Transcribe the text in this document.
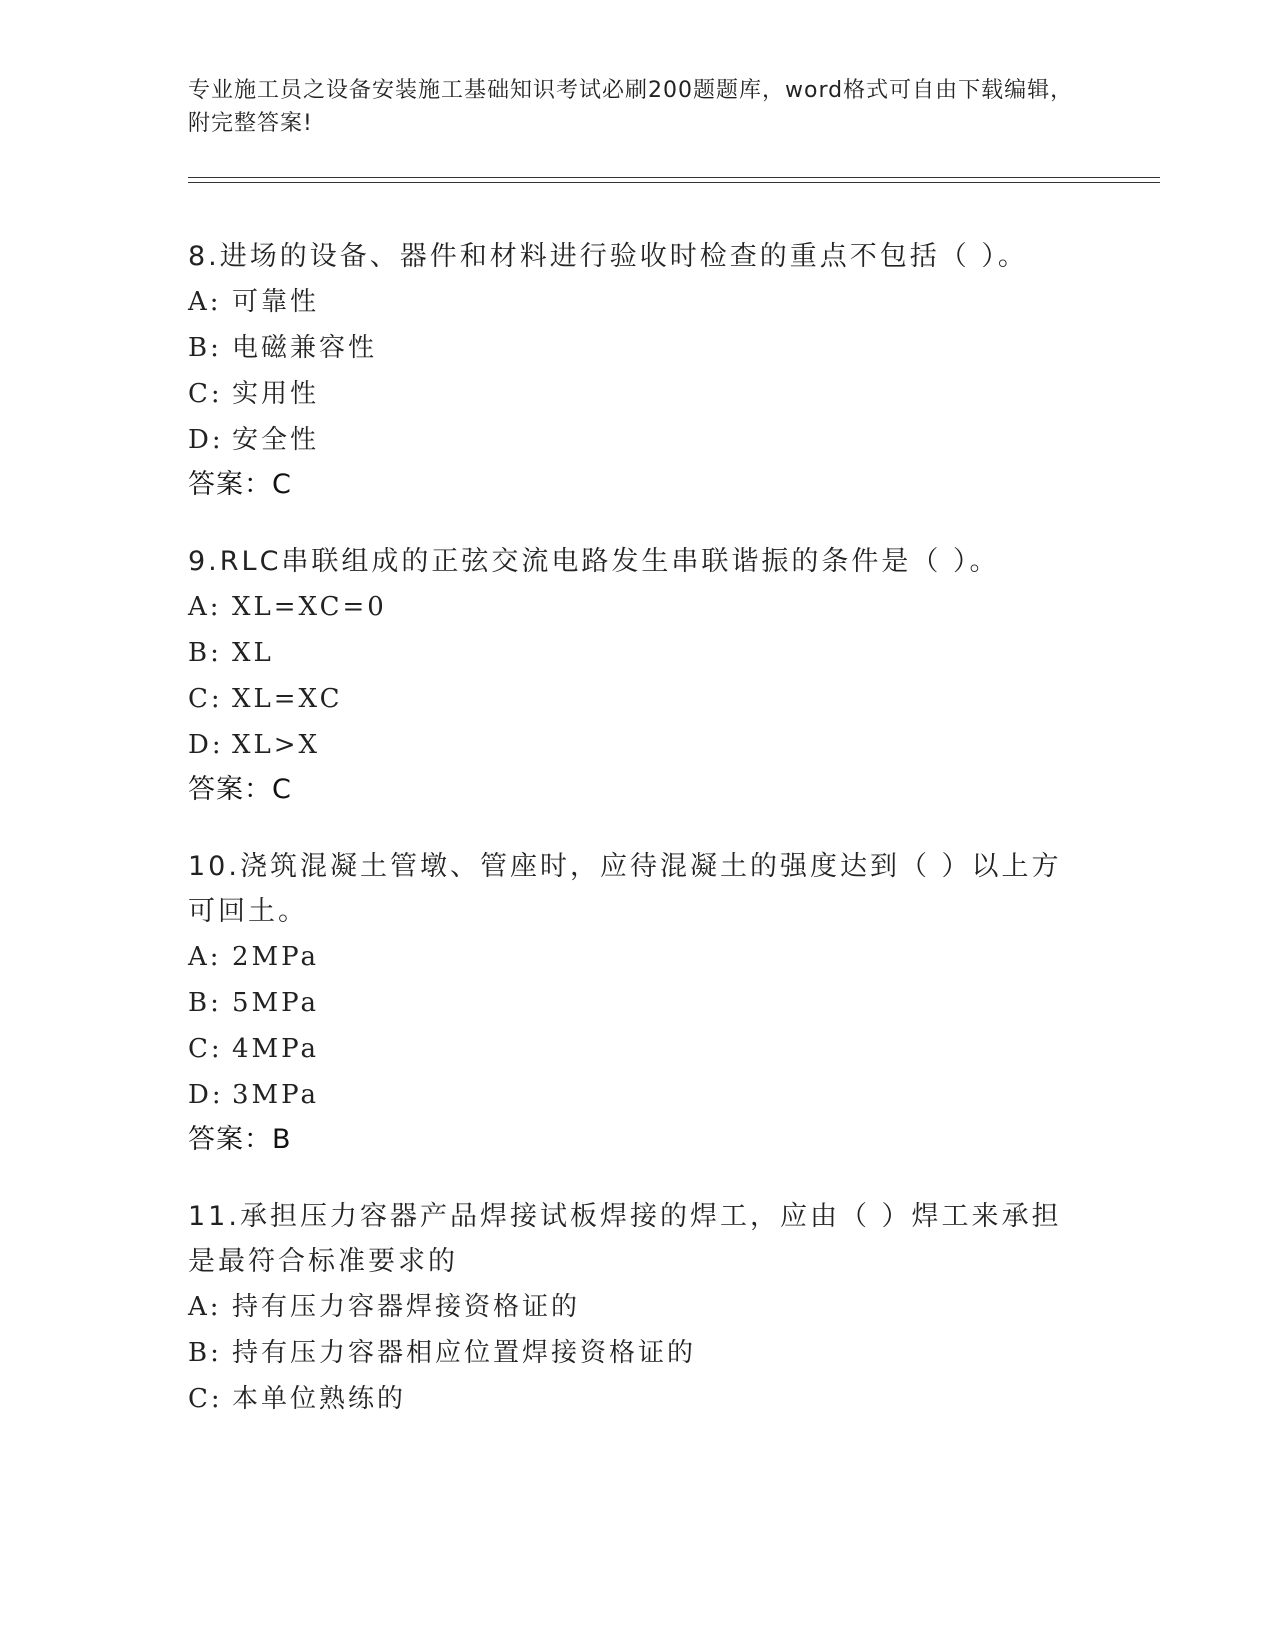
专业施工员之设备安装施工基础知识考试必刷200题题库，word格式可自由下载编辑，附完整答案!
8.进场的设备、器件和材料进行验收时检查的重点不包括（ ）。
A: 可靠性
B: 电磁兼容性
C: 实用性
D: 安全性
答案：C
9.RLC串联组成的正弦交流电路发生串联谐振的条件是（ ）。
A: XL=XC=0
B: XL
C: XL=XC
D: XL>X
答案：C
10.浇筑混凝土管墩、管座时，应待混凝土的强度达到（ ）以上方可回土。
A: 2MPa
B: 5MPa
C: 4MPa
D: 3MPa
答案：B
11.承担压力容器产品焊接试板焊接的焊工，应由（ ）焊工来承担是最符合标准要求的
A: 持有压力容器焊接资格证的
B: 持有压力容器相应位置焊接资格证的
C: 本单位熟练的
